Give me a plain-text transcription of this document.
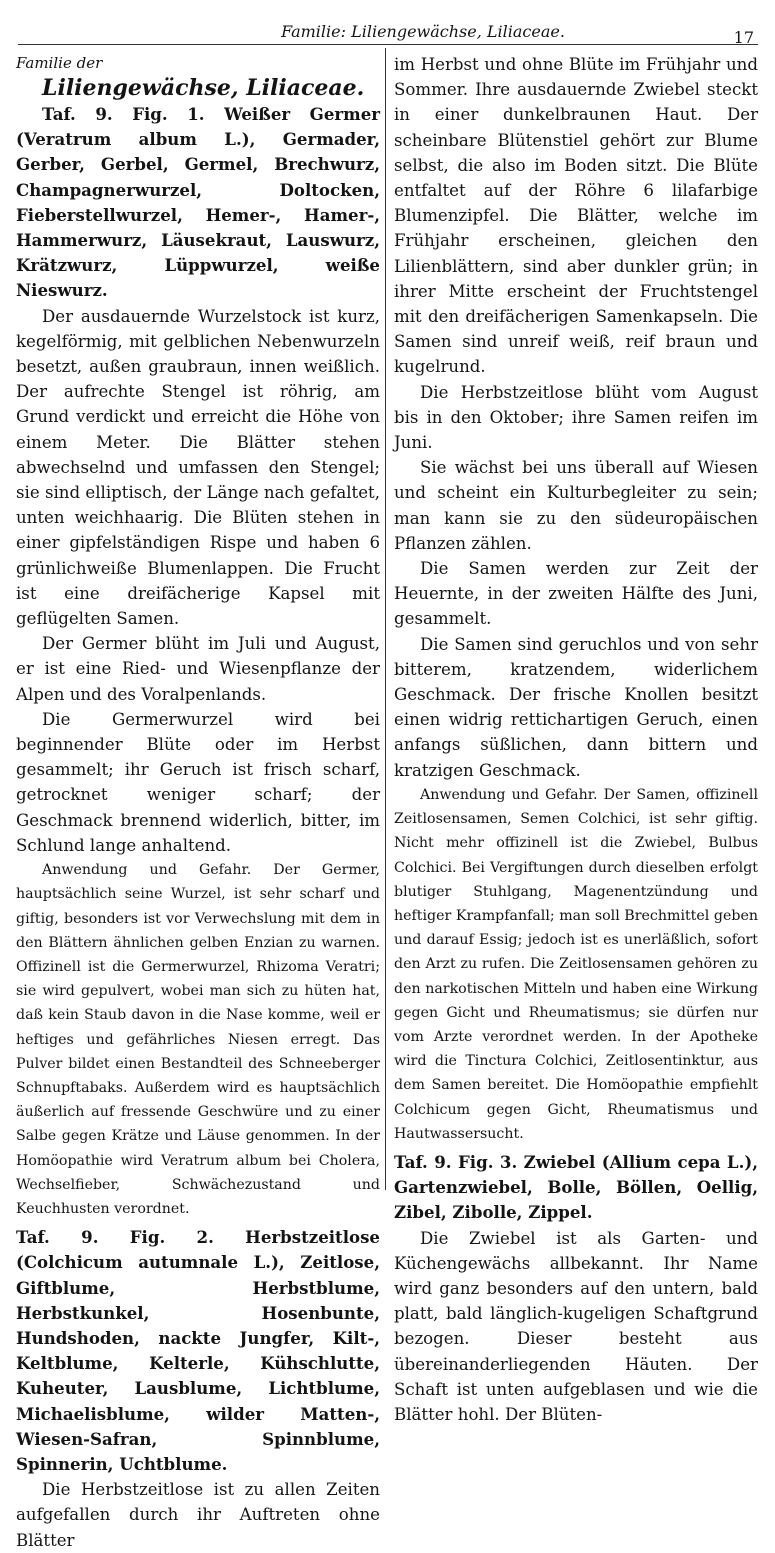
Familie: Liliengewächse, Liliaceae.	17

Familie der

Liliengewächse, Liliaceae.

Taf. 9. Fig. 1. Weißer Germer (Veratrum album L.), Germader, Gerber, Gerbel, Germel, Brechwurz, Champagnerwurzel, Doltocken, Fieberstellwurzel, Hemer-, Hamer-, Hammerwurz, Läusekraut, Lauswurz, Krätzwurz, Lüppwurzel, weiße Nieswurz.

Der ausdauernde Wurzelstock ist kurz, kegelförmig, mit gelblichen Nebenwurzeln besetzt, außen graubraun, innen weißlich. Der aufrechte Stengel ist röhrig, am Grund verdickt und erreicht die Höhe von einem Meter. Die Blätter stehen abwechselnd und umfassen den Stengel; sie sind elliptisch, der Länge nach gefaltet, unten weichhaarig. Die Blüten stehen in einer gipfelständigen Rispe und haben 6 grünlichweiße Blumenlappen. Die Frucht ist eine dreifächerige Kapsel mit geflügelten Samen.

Der Germer blüht im Juli und August, er ist eine Ried- und Wiesenpflanze der Alpen und des Voralpenlands.

Die Germerwurzel wird bei beginnender Blüte oder im Herbst gesammelt; ihr Geruch ist frisch scharf, getrocknet weniger scharf; der Geschmack brennend widerlich, bitter, im Schlund lange anhaltend.

Anwendung und Gefahr. Der Germer, hauptsächlich seine Wurzel, ist sehr scharf und giftig, besonders ist vor Verwechslung mit dem in den Blättern ähnlichen gelben Enzian zu warnen. Offizinell ist die Germerwurzel, Rhizoma Veratri; sie wird gepulvert, wobei man sich zu hüten hat, daß kein Staub davon in die Nase komme, weil er heftiges und gefährliches Niesen erregt. Das Pulver bildet einen Bestandteil des Schneeberger Schnupftabaks. Außerdem wird es hauptsächlich äußerlich auf fressende Geschwüre und zu einer Salbe gegen Krätze und Läuse genommen. In der Homöopathie wird Veratrum album bei Cholera, Wechselfieber, Schwächezustand und Keuchhusten verordnet.

Taf. 9. Fig. 2. Herbstzeitlose (Colchicum autumnale L.), Zeitlose, Giftblume, Herbstblume, Herbstkunkel, Hosenbunte, Hundshoden, nackte Jungfer, Kilt-, Keltblume, Kelterle, Kühschlutte, Kuheuter, Lausblume, Lichtblume, Michaelisblume, wilder Matten-, Wiesen-Safran, Spinnblume, Spinnerin, Uchtblume.

Die Herbstzeitlose ist zu allen Zeiten aufgefallen durch ihr Auftreten ohne Blätter

im Herbst und ohne Blüte im Frühjahr und Sommer. Ihre ausdauernde Zwiebel steckt in einer dunkelbraunen Haut. Der scheinbare Blütenstiel gehört zur Blume selbst, die also im Boden sitzt. Die Blüte entfaltet auf der Röhre 6 lilafarbige Blumenzipfel. Die Blätter, welche im Frühjahr erscheinen, gleichen den Lilienblättern, sind aber dunkler grün; in ihrer Mitte erscheint der Fruchtstengel mit den dreifächerigen Samenkapseln. Die Samen sind unreif weiß, reif braun und kugelrund.

Die Herbstzeitlose blüht vom August bis in den Oktober; ihre Samen reifen im Juni.

Sie wächst bei uns überall auf Wiesen und scheint ein Kulturbegleiter zu sein; man kann sie zu den südeuropäischen Pflanzen zählen.

Die Samen werden zur Zeit der Heuernte, in der zweiten Hälfte des Juni, gesammelt.

Die Samen sind geruchlos und von sehr bitterem, kratzendem, widerlichem Geschmack. Der frische Knollen besitzt einen widrig rettichartigen Geruch, einen anfangs süßlichen, dann bittern und kratzigen Geschmack.

Anwendung und Gefahr. Der Samen, offizinell Zeitlosensamen, Semen Colchici, ist sehr giftig. Nicht mehr offizinell ist die Zwiebel, Bulbus Colchici. Bei Vergiftungen durch dieselben erfolgt blutiger Stuhlgang, Magenentzündung und heftiger Krampfanfall; man soll Brechmittel geben und darauf Essig; jedoch ist es unerläßlich, sofort den Arzt zu rufen. Die Zeitlosensamen gehören zu den narkotischen Mitteln und haben eine Wirkung gegen Gicht und Rheumatismus; sie dürfen nur vom Arzte verordnet werden. In der Apotheke wird die Tinctura Colchici, Zeitlosentinktur, aus dem Samen bereitet. Die Homöopathie empfiehlt Colchicum gegen Gicht, Rheumatismus und Hautwassersucht.

Taf. 9. Fig. 3. Zwiebel (Allium cepa L.), Gartenzwiebel, Bolle, Böllen, Oellig, Zibel, Zibolle, Zippel.

Die Zwiebel ist als Garten- und Küchengewächs allbekannt. Ihr Name wird ganz besonders auf den untern, bald platt, bald länglich-kugeligen Schaftgrund bezogen. Dieser besteht aus übereinanderliegenden Häuten. Der Schaft ist unten aufgeblasen und wie die Blätter hohl. Der Blüten-
